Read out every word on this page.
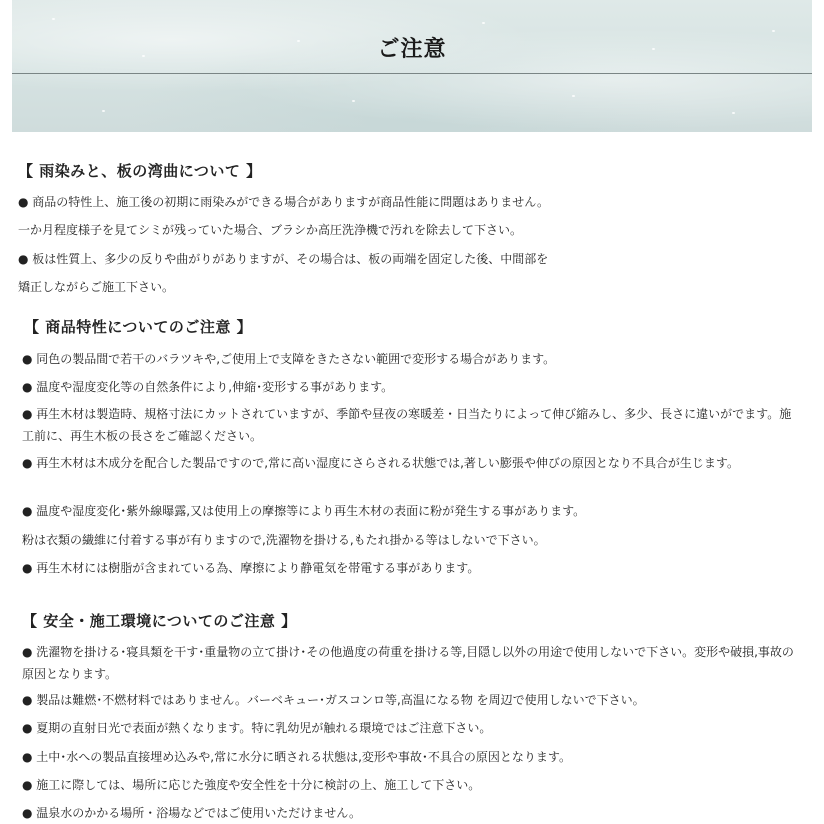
ご注意
【 雨染みと、板の湾曲について 】
● 商品の特性上、施工後の初期に雨染みができる場合がありますが商品性能に問題はありません。
一か月程度様子を見てシミが残っていた場合、ブラシか高圧洗浄機で汚れを除去して下さい。
● 板は性質上、多少の反りや曲がりがありますが、その場合は、板の両端を固定した後、中間部を
矯正しながらご施工下さい。
【 商品特性についてのご注意 】
● 同色の製品間で若干のバラツキや,ご使用上で支障をきたさない範囲で変形する場合があります。
● 温度や湿度変化等の自然条件により,伸縮･変形する事があります。
● 再生木材は製造時、規格寸法にカットされていますが、季節や昼夜の寒暖差・日当たりによって伸び縮みし、多少、長さに違いがでます。施工前に、再生木板の長さをご確認ください。
● 再生木材は木成分を配合した製品ですので,常に高い湿度にさらされる状態では,著しい膨張や伸びの原因となり不具合が生じます。
● 温度や湿度変化･紫外線曝露,又は使用上の摩擦等により再生木材の表面に粉が発生する事があります。
粉は衣類の繊維に付着する事が有りますので,洗濯物を掛ける,もたれ掛かる等はしないで下さい。
● 再生木材には樹脂が含まれている為、摩擦により静電気を帯電する事があります。
【 安全・施工環境についてのご注意 】
● 洗濯物を掛ける･寝具類を干す･重量物の立て掛け･その他過度の荷重を掛ける等,目隠し以外の用途で使用しないで下さい。変形や破損,事故の原因となります。
● 製品は難燃･不燃材料ではありません。バーベキュー･ガスコンロ等,高温になる物 を周辺で使用しないで下さい。
● 夏期の直射日光で表面が熱くなります。特に乳幼児が触れる環境ではご注意下さい。
● 土中･水への製品直接埋め込みや,常に水分に晒される状態は,変形や事故･不具合の原因となります。
● 施工に際しては、場所に応じた強度や安全性を十分に検討の上、施工して下さい。
● 温泉水のかかる場所・浴場などではご使用いただけません。
